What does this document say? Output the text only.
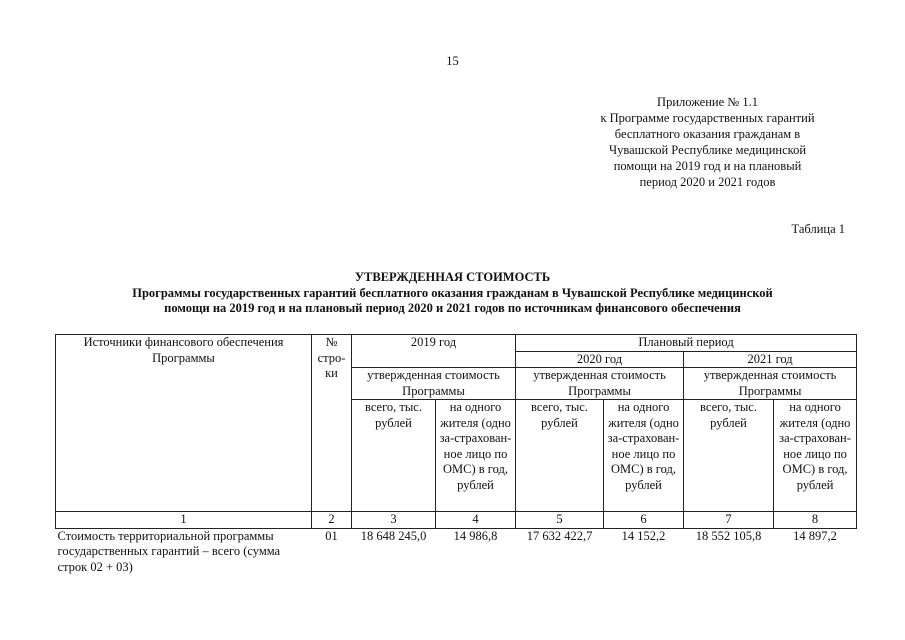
15
Приложение № 1.1
к Программе государственных гарантий
бесплатного оказания гражданам в
Чувашской Республике медицинской
помощи на 2019 год и на плановый
период 2020 и 2021 годов
Таблица 1
УТВЕРЖДЕННАЯ СТОИМОСТЬ
Программы государственных гарантий бесплатного оказания гражданам в Чувашской Республике медицинской
помощи на 2019 год и на плановый период 2020 и 2021 годов по источникам финансового обеспечения
Источники финансового обеспечения Программы	№ стро-ки	2019 год		Плановый период			
				2020 год		2021 год	
		утвержденная стоимость Программы		утвержденная стоимость Программы		утвержденная стоимость Программы	
		всего, тыс. рублей	на одного жителя (одно за-страхован-ное лицо по ОМС) в год, рублей	всего, тыс. рублей	на одного жителя (одно за-страхован-ное лицо по ОМС) в год, рублей	всего, тыс. рублей	на одного жителя (одно за-страхован-ное лицо по ОМС) в год, рублей
1	2	3	4	5	6	7	8
Стоимость территориальной программы государственных гарантий – всего (сумма строк 02 + 03)	01	18 648 245,0	14 986,8	17 632 422,7	14 152,2	18 552 105,8	14 897,2
